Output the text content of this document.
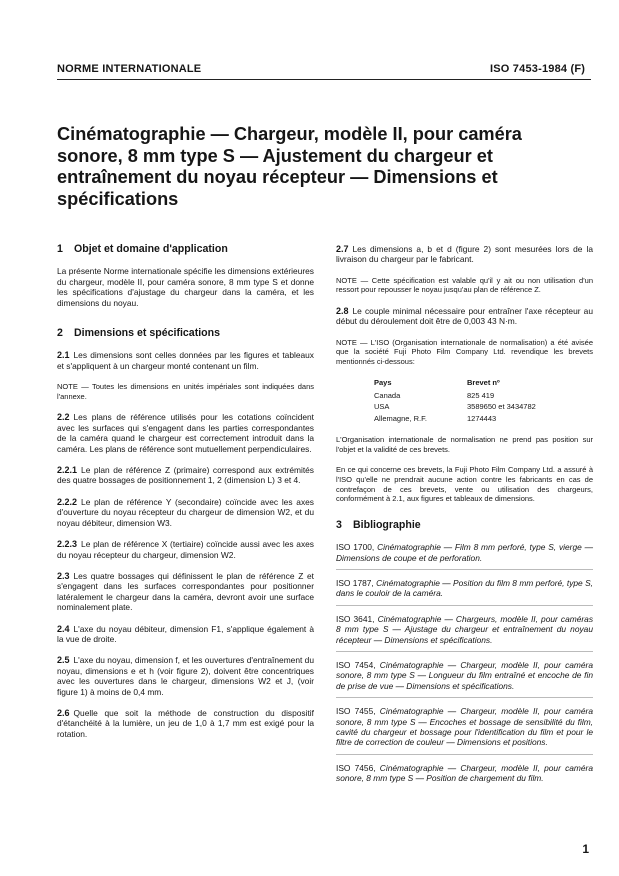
NORME INTERNATIONALE	ISO 7453-1984 (F)
Cinématographie — Chargeur, modèle II, pour caméra sonore, 8 mm type S — Ajustement du chargeur et entraînement du noyau récepteur — Dimensions et spécifications
1 Objet et domaine d'application

La présente Norme internationale spécifie les dimensions extérieures du chargeur, modèle II, pour caméra sonore, 8 mm type S et donne les spécifications d'ajustage du chargeur dans la caméra, et les dimensions du noyau.

2 Dimensions et spécifications

2.1 Les dimensions sont celles données par les figures et tableaux et s'appliquent à un chargeur monté contenant un film.

NOTE — Toutes les dimensions en unités impériales sont indiquées dans l'annexe.

2.2 Les plans de référence utilisés pour les cotations coïncident avec les surfaces qui s'engagent dans les parties correspondantes de la caméra quand le chargeur est correctement introduit dans la caméra. Les plans de référence sont mutuellement perpendiculaires.

2.2.1 Le plan de référence Z (primaire) correspond aux extrémités des quatre bossages de positionnement 1, 2 (dimension L) 3 et 4.

2.2.2 Le plan de référence Y (secondaire) coïncide avec les axes d'ouverture du noyau récepteur du chargeur de dimension W2, et du noyau débiteur, dimension W3.

2.2.3 Le plan de référence X (tertiaire) coïncide aussi avec les axes du noyau récepteur du chargeur, dimension W2.

2.3 Les quatre bossages qui définissent le plan de référence Z et s'engagent dans les surfaces correspondantes pour positionner latéralement le chargeur dans la caméra, devront avoir une surface nominalement plate.

2.4 L'axe du noyau débiteur, dimension F1, s'applique également à la vue de droite.

2.5 L'axe du noyau, dimension f, et les ouvertures d'entraînement du noyau, dimensions e et h (voir figure 2), doivent être concentriques avec les ouvertures dans le chargeur, dimensions W2 et J, (voir figure 1) à moins de 0,4 mm.

2.6 Quelle que soit la méthode de construction du dispositif d'étanchéité à la lumière, un jeu de 1,0 à 1,7 mm est exigé pour la rotation.

2.7 Les dimensions a, b et d (figure 2) sont mesurées lors de la livraison du chargeur par le fabricant.

NOTE — Cette spécification est valable qu'il y ait ou non utilisation d'un ressort pour repousser le noyau jusqu'au plan de référence Z.

2.8 Le couple minimal nécessaire pour entraîner l'axe récepteur au début du déroulement doit être de 0,003 43 N·m.

NOTE — L'ISO (Organisation internationale de normalisation) a été avisée que la société Fuji Photo Film Company Ltd. revendique les brevets mentionnés ci-dessous:

Pays	Brevet nº
Canada	825 419
USA	3589650 et 3434782
Allemagne, R.F.	1274443

L'Organisation internationale de normalisation ne prend pas position sur l'objet et la validité de ces brevets.

En ce qui concerne ces brevets, la Fuji Photo Film Company Ltd. a assuré à l'ISO qu'elle ne prendrait aucune action contre les fabricants en cas de contrefaçon de ces brevets, vente ou utilisation des chargeurs, conformément à 2.1, aux figures et tableaux de dimensions.

3 Bibliographie

ISO 1700, Cinématographie — Film 8 mm perforé, type S, vierge — Dimensions de coupe et de perforation.

ISO 1787, Cinématographie — Position du film 8 mm perforé, type S, dans le couloir de la caméra.

ISO 3641, Cinématographie — Chargeurs, modèle II, pour caméras 8 mm type S — Ajustage du chargeur et entraînement du noyau récepteur — Dimensions et spécifications.

ISO 7454, Cinématographie — Chargeur, modèle II, pour caméra sonore, 8 mm type S — Longueur du film entraîné et encoche de fin de prise de vue — Dimensions et spécifications.

ISO 7455, Cinématographie — Chargeur, modèle II, pour caméra sonore, 8 mm type S — Encoches et bossage de sensibilité du film, cavité du chargeur et bossage pour l'identification du film et pour le filtre de correction de couleur — Dimensions et positions.

ISO 7456, Cinématographie — Chargeur, modèle II, pour caméra sonore, 8 mm type S — Position de chargement du film.

1
